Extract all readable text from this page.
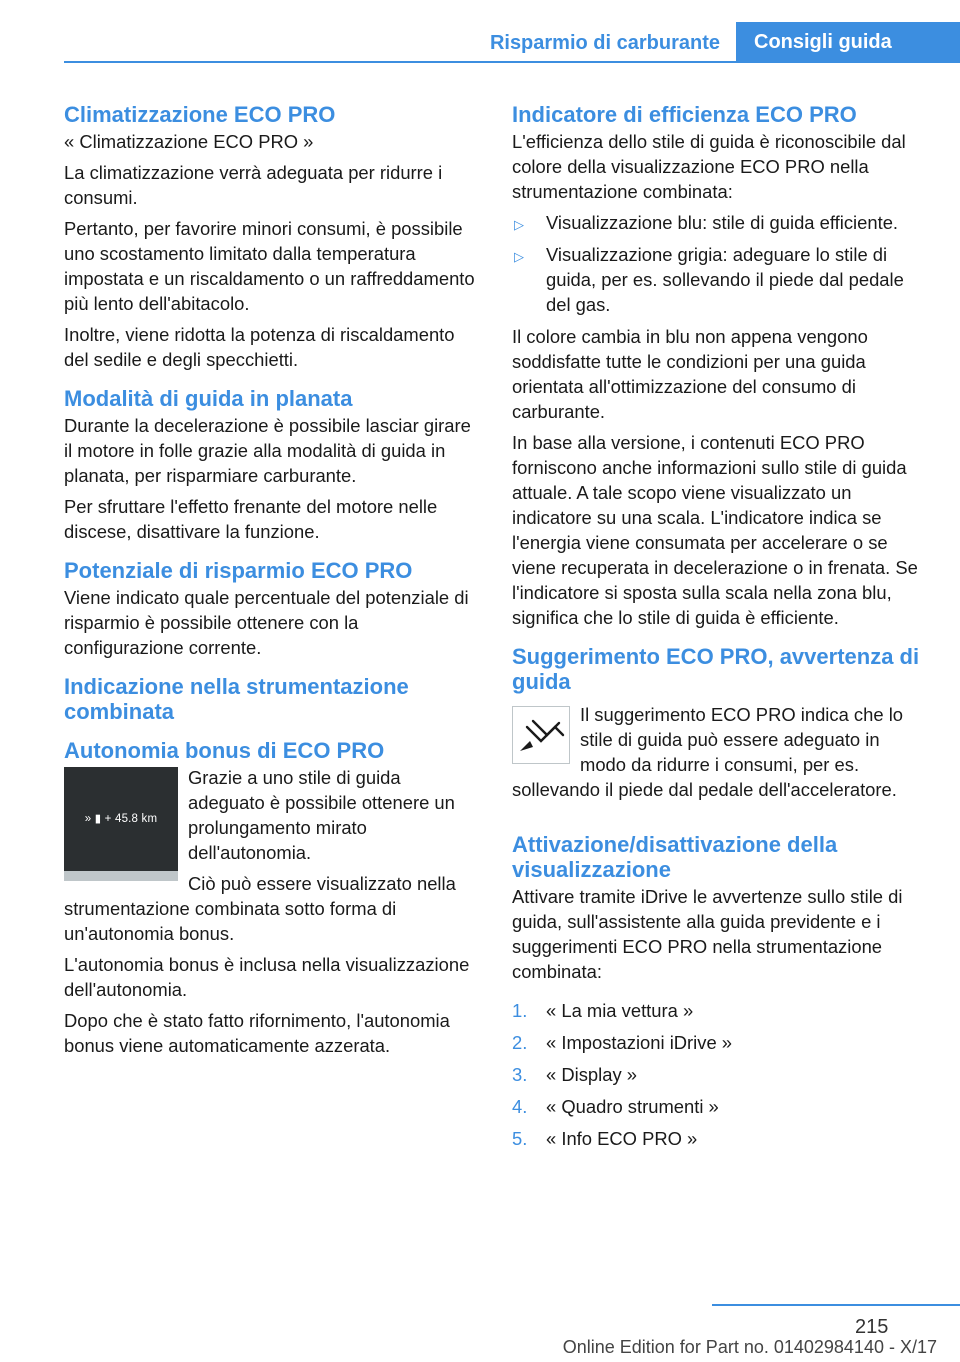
Risparmio di carburante	Consigli guida
Climatizzazione ECO PRO

« Climatizzazione ECO PRO »

La climatizzazione verrà adeguata per ridurre i consumi.

Pertanto, per favorire minori consumi, è possibile uno scostamento limitato dalla temperatura impostata e un riscaldamento o un raffreddamento più lento dell'abitacolo.

Inoltre, viene ridotta la potenza di riscaldamento del sedile e degli specchietti.

Modalità di guida in planata

Durante la decelerazione è possibile lasciar girare il motore in folle grazie alla modalità di guida in planata, per risparmiare carburante.

Per sfruttare l'effetto frenante del motore nelle discese, disattivare la funzione.

Potenziale di risparmio ECO PRO

Viene indicato quale percentuale del potenziale di risparmio è possibile ottenere con la configurazione corrente.

Indicazione nella strumentazione combinata
Autonomia bonus di ECO PRO
» ▮ + 45.8 km

Grazie a uno stile di guida adeguato è possibile ottenere un prolungamento mirato dell'autonomia.

Ciò può essere visualizzato nella strumentazione combinata sotto forma di un'autonomia bonus.

L'autonomia bonus è inclusa nella visualizzazione dell'autonomia.

Dopo che è stato fatto rifornimento, l'autonomia bonus viene automaticamente azzerata.

Indicatore di efficienza ECO PRO

L'efficienza dello stile di guida è riconoscibile dal colore della visualizzazione ECO PRO nella strumentazione combinata:

▷ Visualizzazione blu: stile di guida efficiente.
▷ Visualizzazione grigia: adeguare lo stile di guida, per es. sollevando il piede dal pedale del gas.

Il colore cambia in blu non appena vengono soddisfatte tutte le condizioni per una guida orientata all'ottimizzazione del consumo di carburante.

In base alla versione, i contenuti ECO PRO forniscono anche informazioni sullo stile di guida attuale. A tale scopo viene visualizzato un indicatore su una scala. L'indicatore indica se l'energia viene consumata per accelerare o se viene recuperata in decelerazione o in frenata. Se l'indicatore si sposta sulla scala nella zona blu, significa che lo stile di guida è efficiente.

Suggerimento ECO PRO, avvertenza di guida

Il suggerimento ECO PRO indica che lo stile di guida può essere adeguato in modo da ridurre i consumi, per es. sollevando il piede dal pedale dell'acceleratore.

Attivazione/disattivazione della visualizzazione

Attivare tramite iDrive le avvertenze sullo stile di guida, sull'assistente alla guida previdente e i suggerimenti ECO PRO nella strumentazione combinata:

1. « La mia vettura »
2. « Impostazioni iDrive »
3. « Display »
4. « Quadro strumenti »
5. « Info ECO PRO »
215
Online Edition for Part no. 01402984140 - X/17
